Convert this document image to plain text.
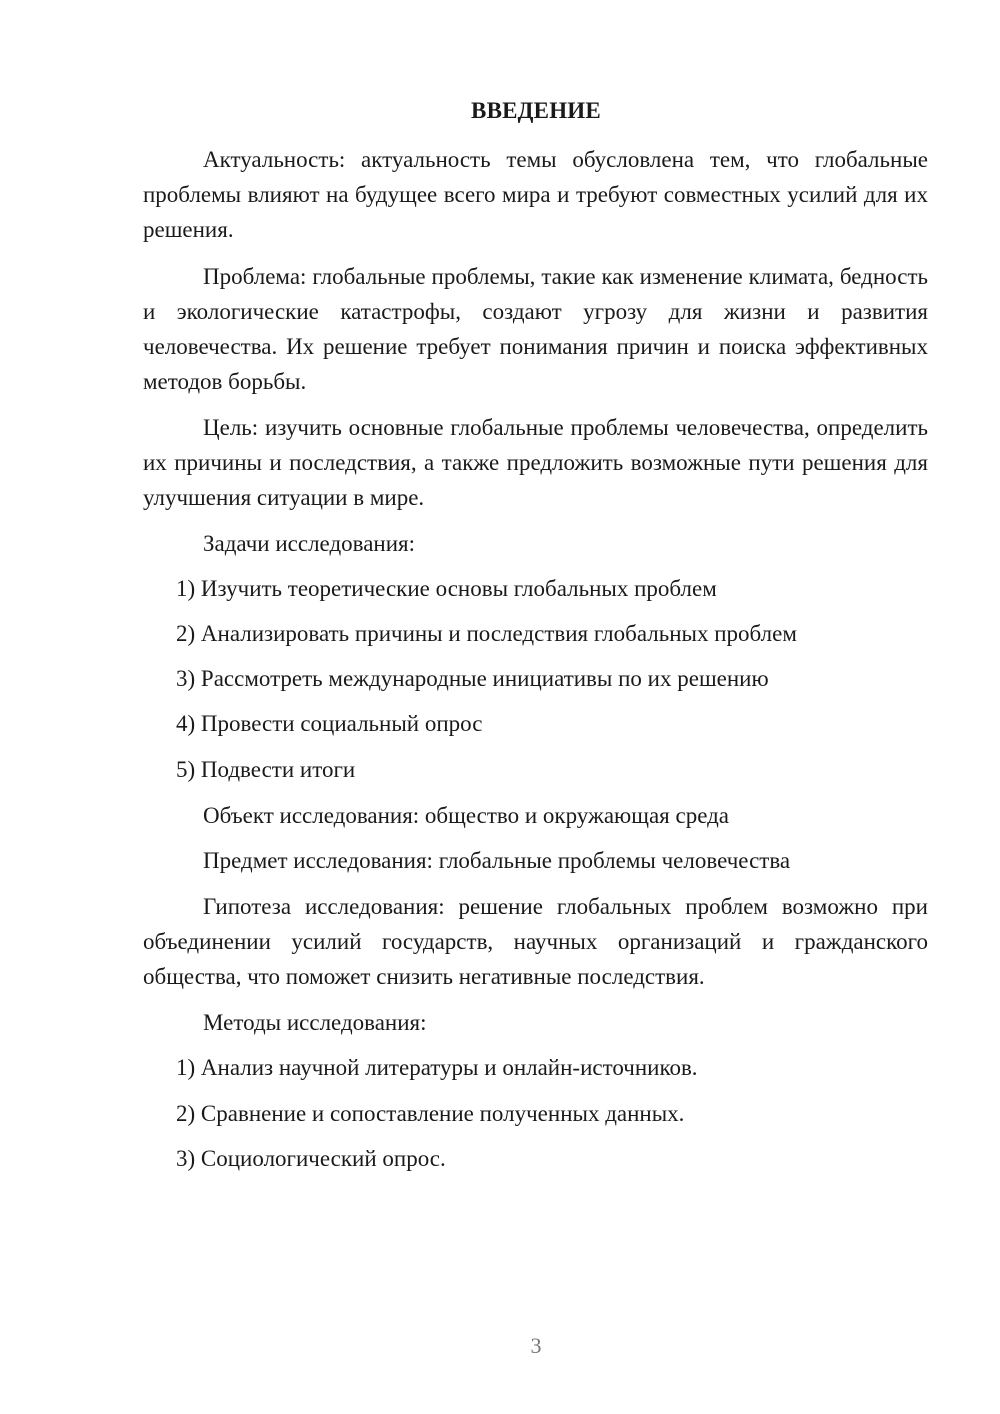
ВВЕДЕНИЕ

Актуальность: актуальность темы обусловлена тем, что глобальные проблемы влияют на будущее всего мира и требуют совместных усилий для их решения.

Проблема: глобальные проблемы, такие как изменение климата, бедность и экологические катастрофы, создают угрозу для жизни и развития человечества. Их решение требует понимания причин и поиска эффективных методов борьбы.

Цель: изучить основные глобальные проблемы человечества, определить их причины и последствия, а также предложить возможные пути решения для улучшения ситуации в мире.

Задачи исследования:

1) Изучить теоретические основы глобальных проблем

2) Анализировать причины и последствия глобальных проблем

3) Рассмотреть международные инициативы по их решению

4) Провести социальный опрос

5) Подвести итоги

Объект исследования: общество и окружающая среда

Предмет исследования: глобальные проблемы человечества

Гипотеза исследования: решение глобальных проблем возможно при объединении усилий государств, научных организаций и гражданского общества, что поможет снизить негативные последствия.

Методы исследования:

1) Анализ научной литературы и онлайн-источников.

2) Сравнение и сопоставление полученных данных.

3) Социологический опрос.

3
